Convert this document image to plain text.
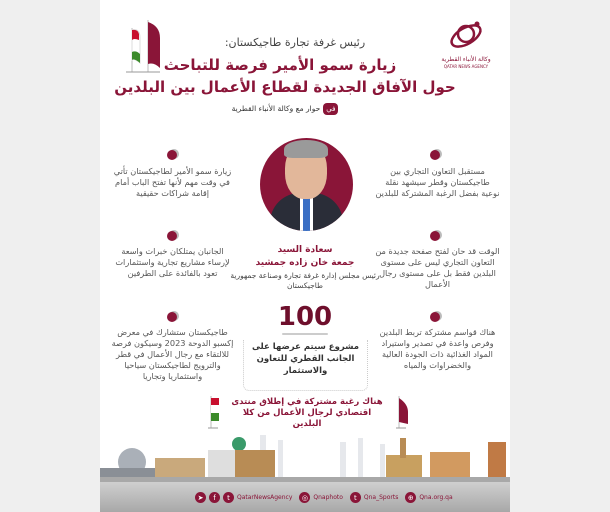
وكالة الأنباء القطرية
QATAR NEWS AGENCY
رئيس غرفة تجارة طاجيكستان:
زيارة سمو الأمير فرصة للتباحث
حول الآفاق الجديدة لقطاع الأعمال بين البلدين
في
حوار مع وكالة الأنباء القطرية
سعادة السيد
جمعة خان زاده جمشيد
رئيس مجلس إدارة غرفة تجارة وصناعة جمهورية طاجيكستان
زيارة سمو الأمير لطاجيكستان تأتي في وقت مهم لأنها تفتح الباب أمام إقامة شراكات حقيقية
الجانبان يمتلكان خبرات واسعة لإرساء مشاريع تجارية واستثمارات تعود بالفائدة على الطرفين
طاجيكستان ستشارك في معرض إكسبو الدوحة 2023 وسيكون فرصة للالتقاء مع رجال الأعمال في قطر والترويج لطاجيكستان سياحيا واستثماريا وتجاريا
مستقبل التعاون التجاري بين طاجيكستان وقطر سيشهد نقلة نوعية بفضل الرغبة المشتركة للبلدين
الوقت قد حان لفتح صفحة جديدة من التعاون التجاري ليس على مستوى البلدين فقط بل على مستوى رجال الأعمال
هناك قواسم مشتركة تربط البلدين وفرص واعدة في تصدير واستيراد المواد الغذائية ذات الجودة العالية والخضراوات والمياه
100
مشروع سيتم عرضها على الجانب القطري للتعاون والاستثمار
هناك رغبة مشتركة في إطلاق منتدى اقتصادي لرجال الأعمال من كلا البلدين
➤	f	t	QatarNewsAgency	◎ Qnaphoto	t	Qna_Sports	⊕ Qna.org.qa
